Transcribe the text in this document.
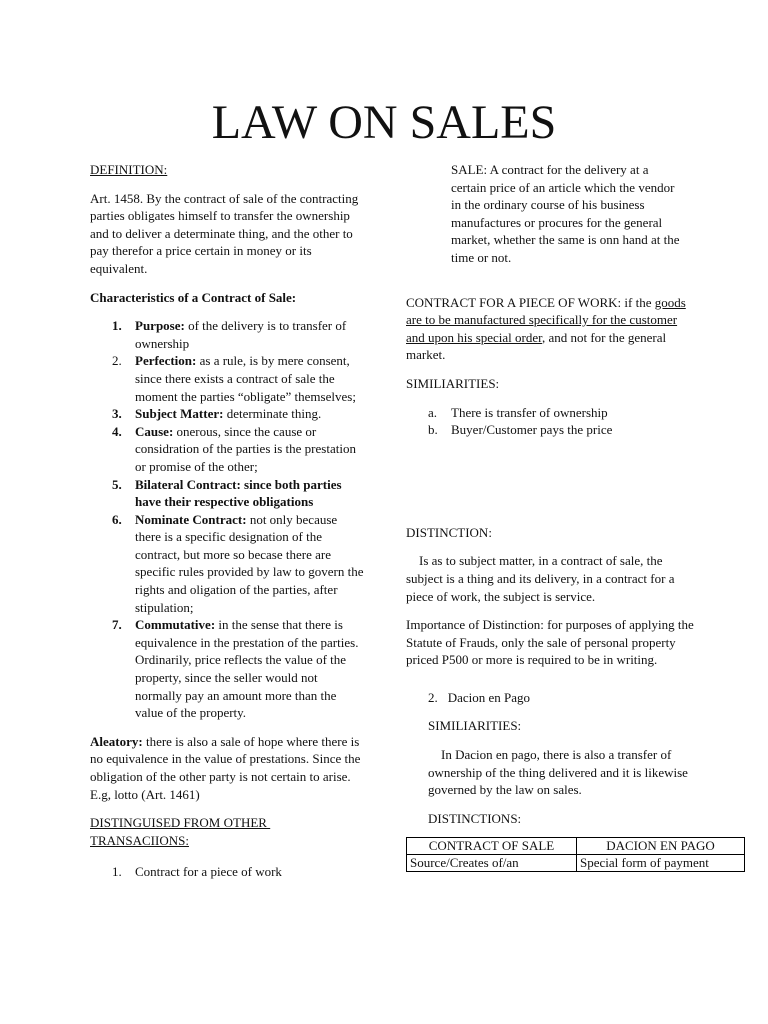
LAW ON SALES

DEFINITION:

Art. 1458. By the contract of sale of the contracting parties obligates himself to transfer the ownership and to deliver a determinate thing, and the other to pay therefor a price certain in money or its equivalent.

Characteristics of a Contract of Sale:

1.	Purpose: of the delivery is to transfer of ownership
2.	Perfection: as a rule, is by mere consent, since there exists a contract of sale the moment the parties “obligate” themselves;
3.	Subject Matter: determinate thing.
4.	Cause: onerous, since the cause or considration of the parties is the prestation or promise of the other;
5.	Bilateral Contract: since both parties have their respective obligations
6.	Nominate Contract: not only because there is a specific designation of the contract, but more so becase there are specific rules provided by law to govern the rights and oligation of the parties, after stipulation;
7.	Commutative: in the sense that there is equivalence in the prestation of the parties. Ordinarily, price reflects the value of the property, since the seller would not normally pay an amount more than the value of the property.

Aleatory: there is also a sale of hope where there is no equivalence in the value of prestations. Since the obligation of the other party is not certain to arise. E.g, lotto (Art. 1461)

DISTINGUISED FROM OTHER
TRANSACIIONS:

1. Contract for a piece of work

SALE: A contract for the delivery at a certain price of an article which the vendor in the ordinary course of his business manufactures or procures for the general market, whether the same is onn hand at the time or not.

CONTRACT FOR A PIECE OF WORK: if the goods are to be manufactured specifically for the customer and upon his special order, and not for the general market.

SIMILIARITIES:

a. There is transfer of ownership
b. Buyer/Customer pays the price

DISTINCTION:

Is as to subject matter, in a contract of sale, the subject is a thing and its delivery, in a contract for a piece of work, the subject is service.

Importance of Distinction: for purposes of applying the Statute of Frauds, only the sale of personal property priced P500 or more is required to be in writing.

2. Dacion en Pago

SIMILIARITIES:

In Dacion en pago, there is also a transfer of ownership of the thing delivered and it is likewise governed by the law on sales.

DISTINCTIONS:

CONTRACT OF SALE	DACION EN PAGO
Source/Creates of/an	Special form of payment
